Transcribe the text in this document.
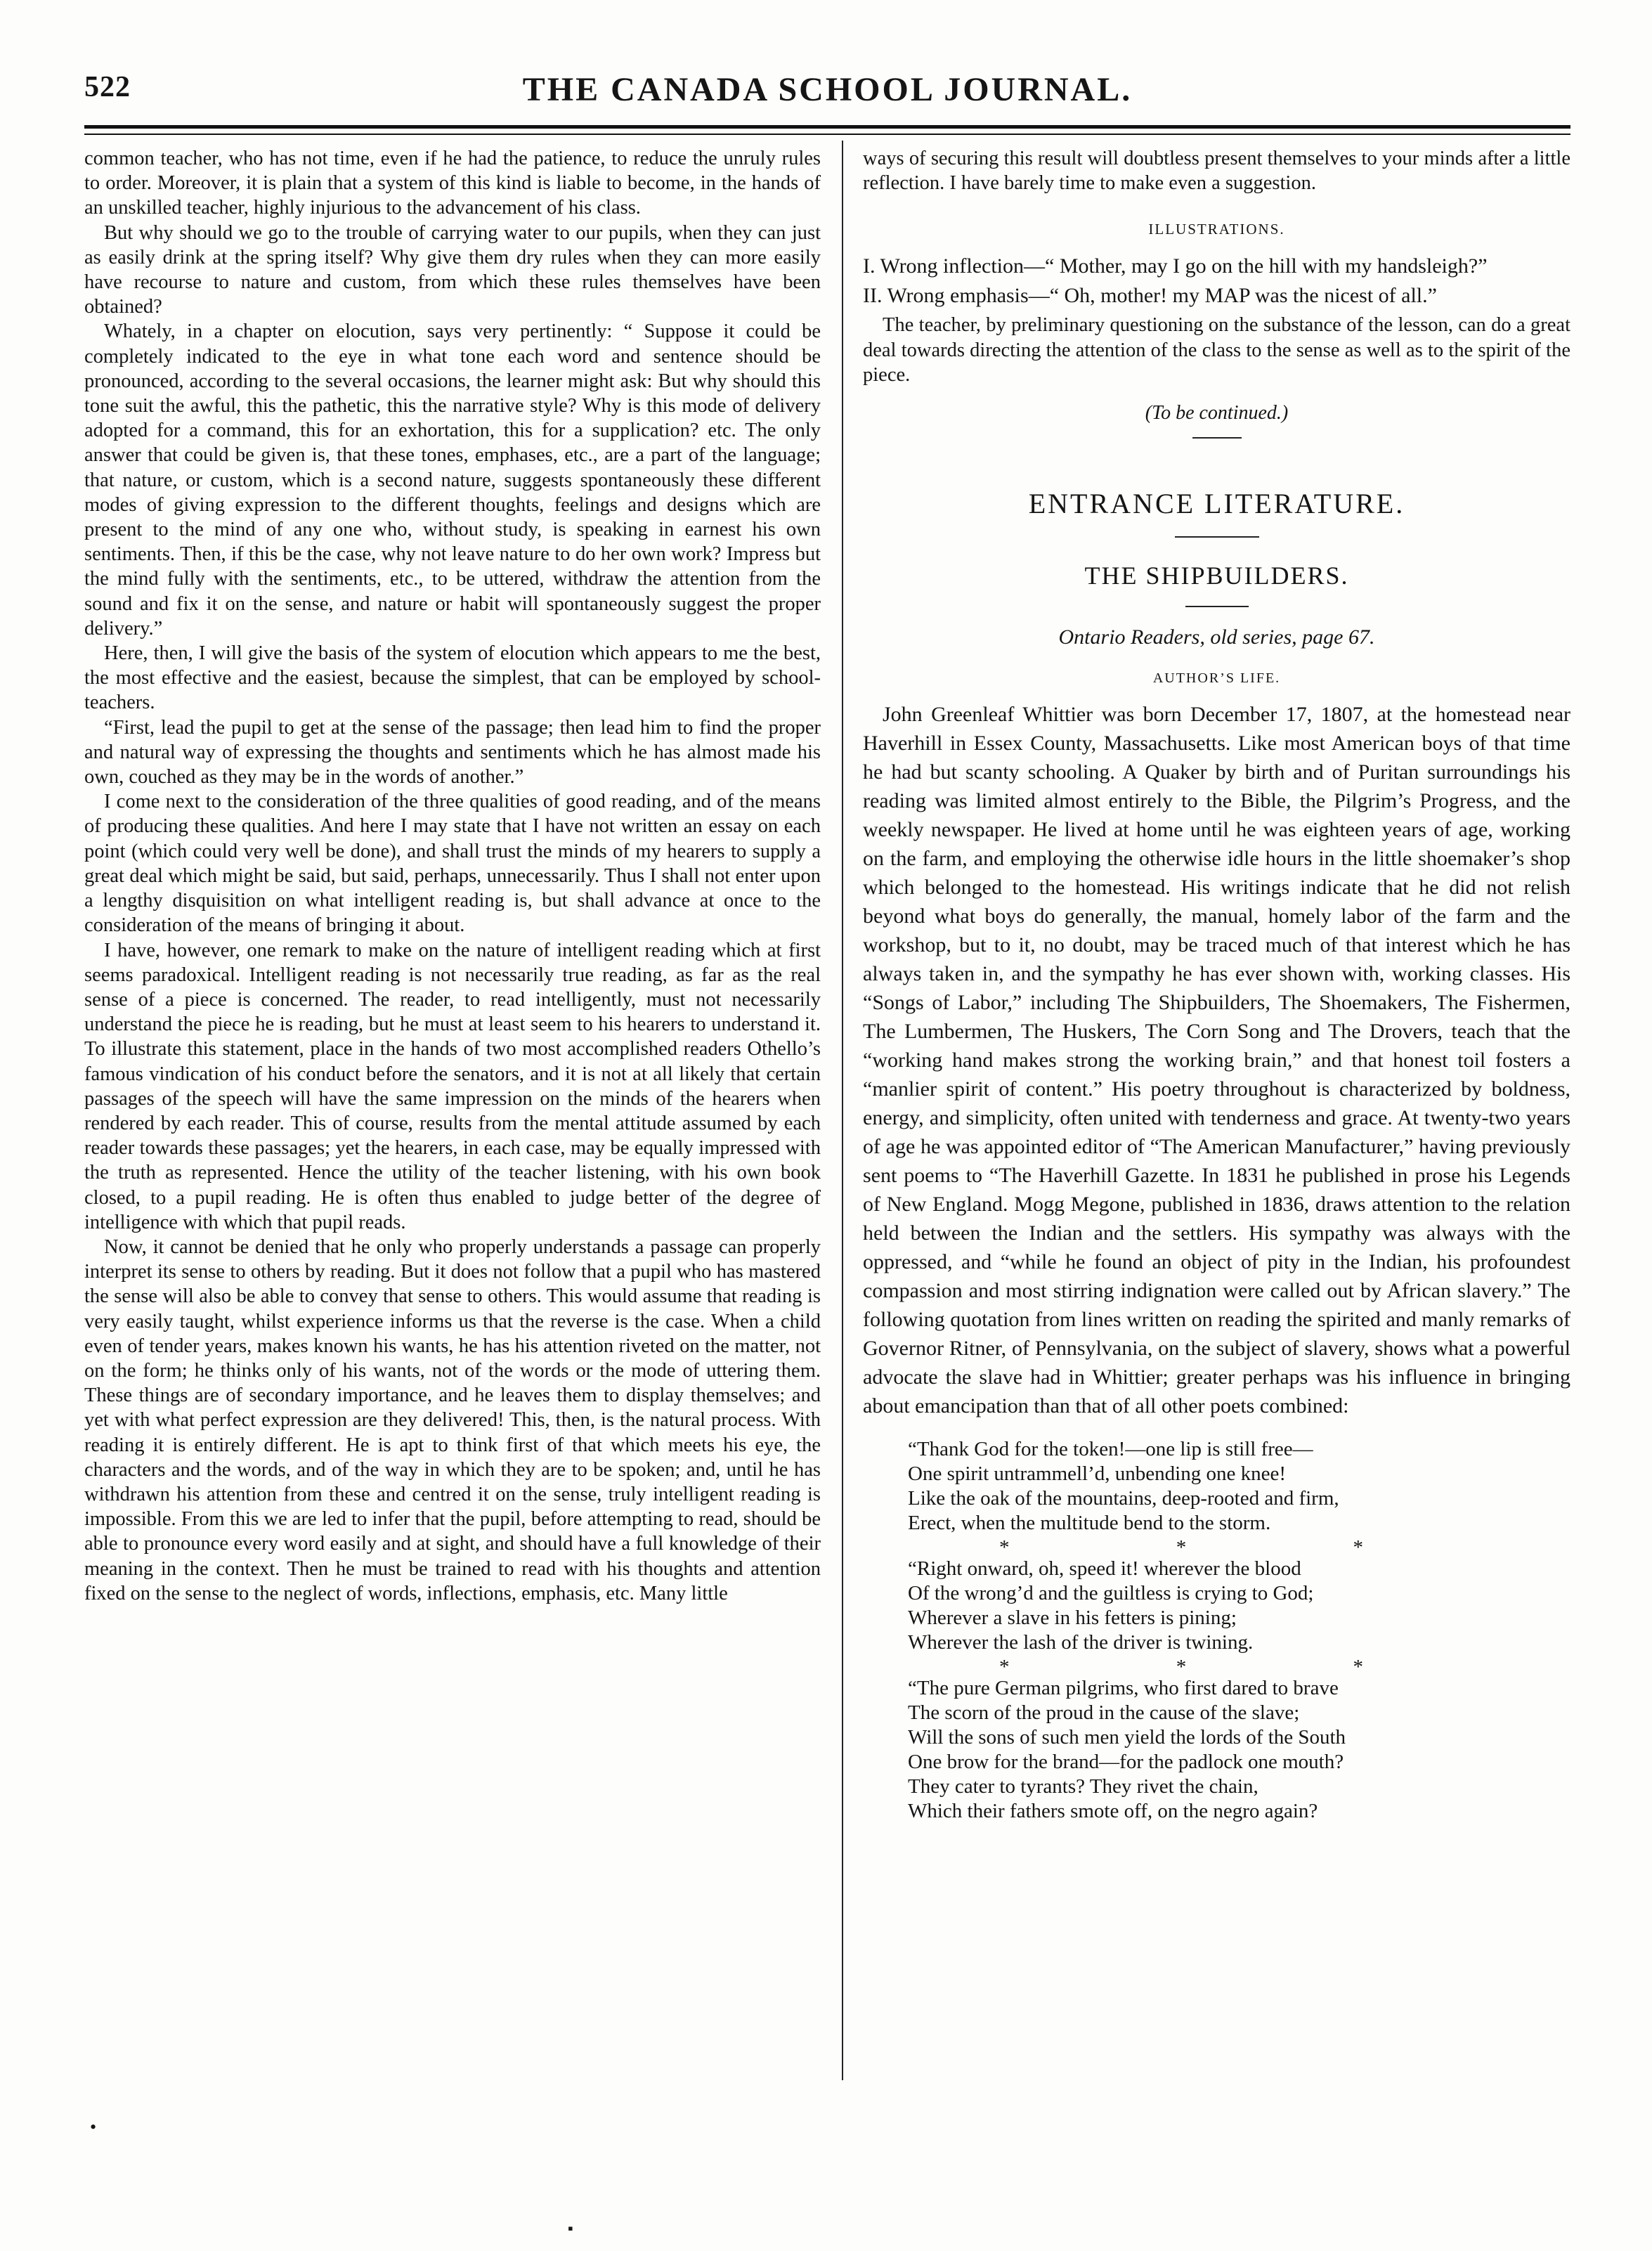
522	THE CANADA SCHOOL JOURNAL.

common teacher, who has not time, even if he had the patience, to reduce the unruly rules to order. Moreover, it is plain that a system of this kind is liable to become, in the hands of an unskilled teacher, highly injurious to the advancement of his class.

But why should we go to the trouble of carrying water to our pupils, when they can just as easily drink at the spring itself? Why give them dry rules when they can more easily have recourse to nature and custom, from which these rules themselves have been obtained?

Whately, in a chapter on elocution, says very pertinently: “ Suppose it could be completely indicated to the eye in what tone each word and sentence should be pronounced, according to the several occasions, the learner might ask: But why should this tone suit the awful, this the pathetic, this the narrative style? Why is this mode of delivery adopted for a command, this for an exhortation, this for a supplication? etc. The only answer that could be given is, that these tones, emphases, etc., are a part of the language; that nature, or custom, which is a second nature, suggests spontaneously these different modes of giving expression to the different thoughts, feelings and designs which are present to the mind of any one who, without study, is speaking in earnest his own sentiments. Then, if this be the case, why not leave nature to do her own work? Impress but the mind fully with the sentiments, etc., to be uttered, withdraw the attention from the sound and fix it on the sense, and nature or habit will spontaneously suggest the proper delivery.”

Here, then, I will give the basis of the system of elocution which appears to me the best, the most effective and the easiest, because the simplest, that can be employed by school-teachers.

“First, lead the pupil to get at the sense of the passage; then lead him to find the proper and natural way of expressing the thoughts and sentiments which he has almost made his own, couched as they may be in the words of another.”

I come next to the consideration of the three qualities of good reading, and of the means of producing these qualities. And here I may state that I have not written an essay on each point (which could very well be done), and shall trust the minds of my hearers to supply a great deal which might be said, but said, perhaps, unnecessarily. Thus I shall not enter upon a lengthy disquisition on what intelligent reading is, but shall advance at once to the consideration of the means of bringing it about.

I have, however, one remark to make on the nature of intelligent reading which at first seems paradoxical. Intelligent reading is not necessarily true reading, as far as the real sense of a piece is concerned. The reader, to read intelligently, must not necessarily understand the piece he is reading, but he must at least seem to his hearers to understand it. To illustrate this statement, place in the hands of two most accomplished readers Othello’s famous vindication of his conduct before the senators, and it is not at all likely that certain passages of the speech will have the same impression on the minds of the hearers when rendered by each reader. This of course, results from the mental attitude assumed by each reader towards these passages; yet the hearers, in each case, may be equally impressed with the truth as represented. Hence the utility of the teacher listening, with his own book closed, to a pupil reading. He is often thus enabled to judge better of the degree of intelligence with which that pupil reads.

Now, it cannot be denied that he only who properly understands a passage can properly interpret its sense to others by reading. But it does not follow that a pupil who has mastered the sense will also be able to convey that sense to others. This would assume that reading is very easily taught, whilst experience informs us that the reverse is the case. When a child even of tender years, makes known his wants, he has his attention riveted on the matter, not on the form; he thinks only of his wants, not of the words or the mode of uttering them. These things are of secondary importance, and he leaves them to display themselves; and yet with what perfect expression are they delivered! This, then, is the natural process. With reading it is entirely different. He is apt to think first of that which meets his eye, the characters and the words, and of the way in which they are to be spoken; and, until he has withdrawn his attention from these and centred it on the sense, truly intelligent reading is impossible. From this we are led to infer that the pupil, before attempting to read, should be able to pronounce every word easily and at sight, and should have a full knowledge of their meaning in the context. Then he must be trained to read with his thoughts and attention fixed on the sense to the neglect of words, inflections, emphasis, etc. Many little

ways of securing this result will doubtless present themselves to your minds after a little reflection. I have barely time to make even a suggestion.

ILLUSTRATIONS.
I. Wrong inflection—“ Mother, may I go on the hill with my handsleigh?”
II. Wrong emphasis—“ Oh, mother! my MAP was the nicest of all.”

The teacher, by preliminary questioning on the substance of the lesson, can do a great deal towards directing the attention of the class to the sense as well as to the spirit of the piece.

(To be continued.)
ENTRANCE LITERATURE.
THE SHIPBUILDERS.
Ontario Readers, old series, page 67.
AUTHOR’S LIFE.

John Greenleaf Whittier was born December 17, 1807, at the homestead near Haverhill in Essex County, Massachusetts. Like most American boys of that time he had but scanty schooling. A Quaker by birth and of Puritan surroundings his reading was limited almost entirely to the Bible, the Pilgrim’s Progress, and the weekly newspaper. He lived at home until he was eighteen years of age, working on the farm, and employing the otherwise idle hours in the little shoemaker’s shop which belonged to the homestead. His writings indicate that he did not relish beyond what boys do generally, the manual, homely labor of the farm and the workshop, but to it, no doubt, may be traced much of that interest which he has always taken in, and the sympathy he has ever shown with, working classes. His “Songs of Labor,” including The Shipbuilders, The Shoemakers, The Fishermen, The Lumbermen, The Huskers, The Corn Song and The Drovers, teach that the “working hand makes strong the working brain,” and that honest toil fosters a “manlier spirit of content.” His poetry throughout is characterized by boldness, energy, and simplicity, often united with tenderness and grace. At twenty-two years of age he was appointed editor of “The American Manufacturer,” having previously sent poems to “The Haverhill Gazette. In 1831 he published in prose his Legends of New England. Mogg Megone, published in 1836, draws attention to the relation held between the Indian and the settlers. His sympathy was always with the oppressed, and “while he found an object of pity in the Indian, his profoundest compassion and most stirring indignation were called out by African slavery.” The following quotation from lines written on reading the spirited and manly remarks of Governor Ritner, of Pennsylvania, on the subject of slavery, shows what a powerful advocate the slave had in Whittier; greater perhaps was his influence in bringing about emancipation than that of all other poets combined:

“Thank God for the token!—one lip is still free—
One spirit untrammell’d, unbending one knee!
Like the oak of the mountains, deep-rooted and firm,
Erect, when the multitude bend to the storm.
* * *
“Right onward, oh, speed it! wherever the blood
Of the wrong’d and the guiltless is crying to God;
Wherever a slave in his fetters is pining;
Wherever the lash of the driver is twining.
* * *
“The pure German pilgrims, who first dared to brave
The scorn of the proud in the cause of the slave;
Will the sons of such men yield the lords of the South
One brow for the brand—for the padlock one mouth?
They cater to tyrants? They rivet the chain,
Which their fathers smote off, on the negro again?
•
▪
